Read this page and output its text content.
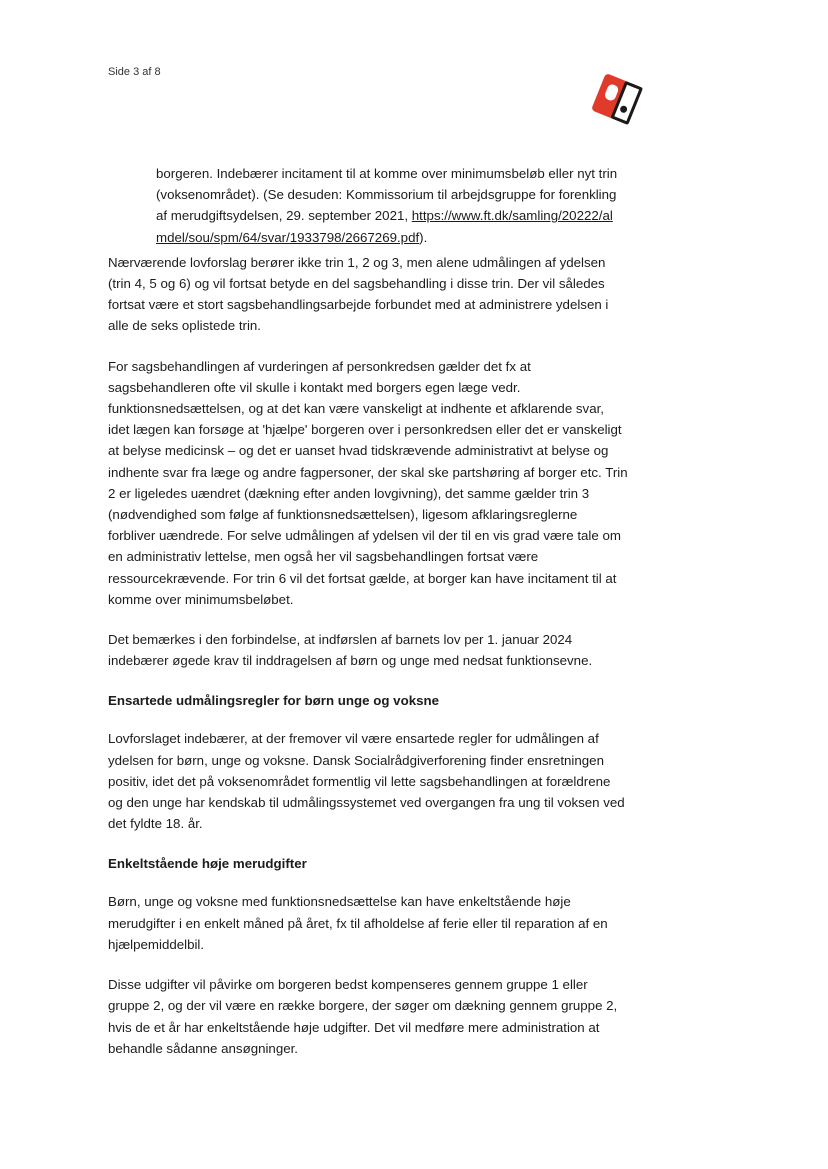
Side 3 af 8
borgeren. Indebærer incitament til at komme over minimumsbeløb eller nyt trin (voksenområdet). (Se desuden: Kommissorium til arbejdsgruppe for forenkling af merudgiftsydelsen, 29. september 2021, https://www.ft.dk/samling/20222/almdel/sou/spm/64/svar/1933798/2667269.pdf).

Nærværende lovforslag berører ikke trin 1, 2 og 3, men alene udmålingen af ydelsen (trin 4, 5 og 6) og vil fortsat betyde en del sagsbehandling i disse trin. Der vil således fortsat være et stort sagsbehandlingsarbejde forbundet med at administrere ydelsen i alle de seks oplistede trin.

For sagsbehandlingen af vurderingen af personkredsen gælder det fx at sagsbehandleren ofte vil skulle i kontakt med borgers egen læge vedr. funktionsnedsættelsen, og at det kan være vanskeligt at indhente et afklarende svar, idet lægen kan forsøge at 'hjælpe' borgeren over i personkredsen eller det er vanskeligt at belyse medicinsk – og det er uanset hvad tidskrævende administrativt at belyse og indhente svar fra læge og andre fagpersoner, der skal ske partshøring af borger etc. Trin 2 er ligeledes uændret (dækning efter anden lovgivning), det samme gælder trin 3 (nødvendighed som følge af funktionsnedsættelsen), ligesom afklaringsreglerne forbliver uændrede. For selve udmålingen af ydelsen vil der til en vis grad være tale om en administrativ lettelse, men også her vil sagsbehandlingen fortsat være ressourcekrævende. For trin 6 vil det fortsat gælde, at borger kan have incitament til at komme over minimumsbeløbet.

Det bemærkes i den forbindelse, at indførslen af barnets lov per 1. januar 2024 indebærer øgede krav til inddragelsen af børn og unge med nedsat funktionsevne.

Ensartede udmålingsregler for børn unge og voksne

Lovforslaget indebærer, at der fremover vil være ensartede regler for udmålingen af ydelsen for børn, unge og voksne. Dansk Socialrådgiverforening finder ensretningen positiv, idet det på voksenområdet formentlig vil lette sagsbehandlingen at forældrene og den unge har kendskab til udmålingssystemet ved overgangen fra ung til voksen ved det fyldte 18. år.

Enkeltstående høje merudgifter

Børn, unge og voksne med funktionsnedsættelse kan have enkeltstående høje merudgifter i en enkelt måned på året, fx til afholdelse af ferie eller til reparation af en hjælpemiddelbil.

Disse udgifter vil påvirke om borgeren bedst kompenseres gennem gruppe 1 eller gruppe 2, og der vil være en række borgere, der søger om dækning gennem gruppe 2, hvis de et år har enkeltstående høje udgifter. Det vil medføre mere administration at behandle sådanne ansøgninger.
